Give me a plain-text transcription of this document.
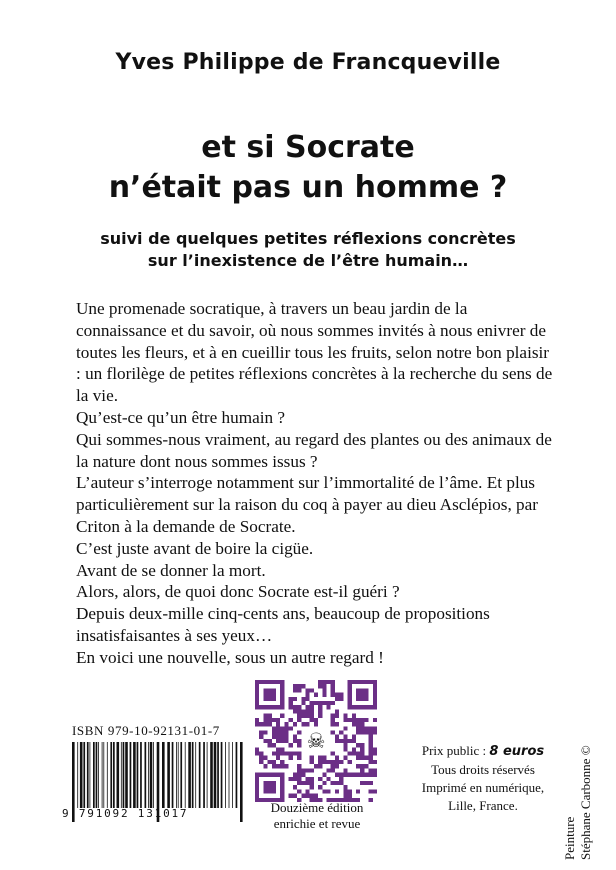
Yves Philippe de Francqueville
et si Socrate
n’était pas un homme ?
suivi de quelques petites réflexions concrètes
sur l’inexistence de l’être humain…

Une promenade socratique, à travers un beau jardin de la connaissance et du savoir, où nous sommes invités à nous enivrer de toutes les fleurs, et à en cueillir tous les fruits, selon notre bon plaisir : un florilège de petites réflexions concrètes à la recherche du sens de la vie.

Qu’est-ce qu’un être humain ?

Qui sommes-nous vraiment, au regard des plantes ou des animaux de la nature dont nous sommes issus ?

L’auteur s’interroge notamment sur l’immortalité de l’âme. Et plus particulièrement sur la raison du coq à payer au dieu Asclépios, par Criton à la demande de Socrate.

C’est juste avant de boire la cigüe.

Avant de se donner la mort.

Alors, alors, de quoi donc Socrate est-il guéri ?

Depuis deux-mille cinq-cents ans, beaucoup de propositions insatisfaisantes à ses yeux…

En voici une nouvelle, sous un autre regard !

ISBN 979-10-92131-01-7
9 791092 131017
☠
Douzième édition
enrichie et revue
Prix public : 8 euros
Tous droits réservés
Imprimé en numérique,
Lille, France.
Peinture Stéphane Carbonne ©
